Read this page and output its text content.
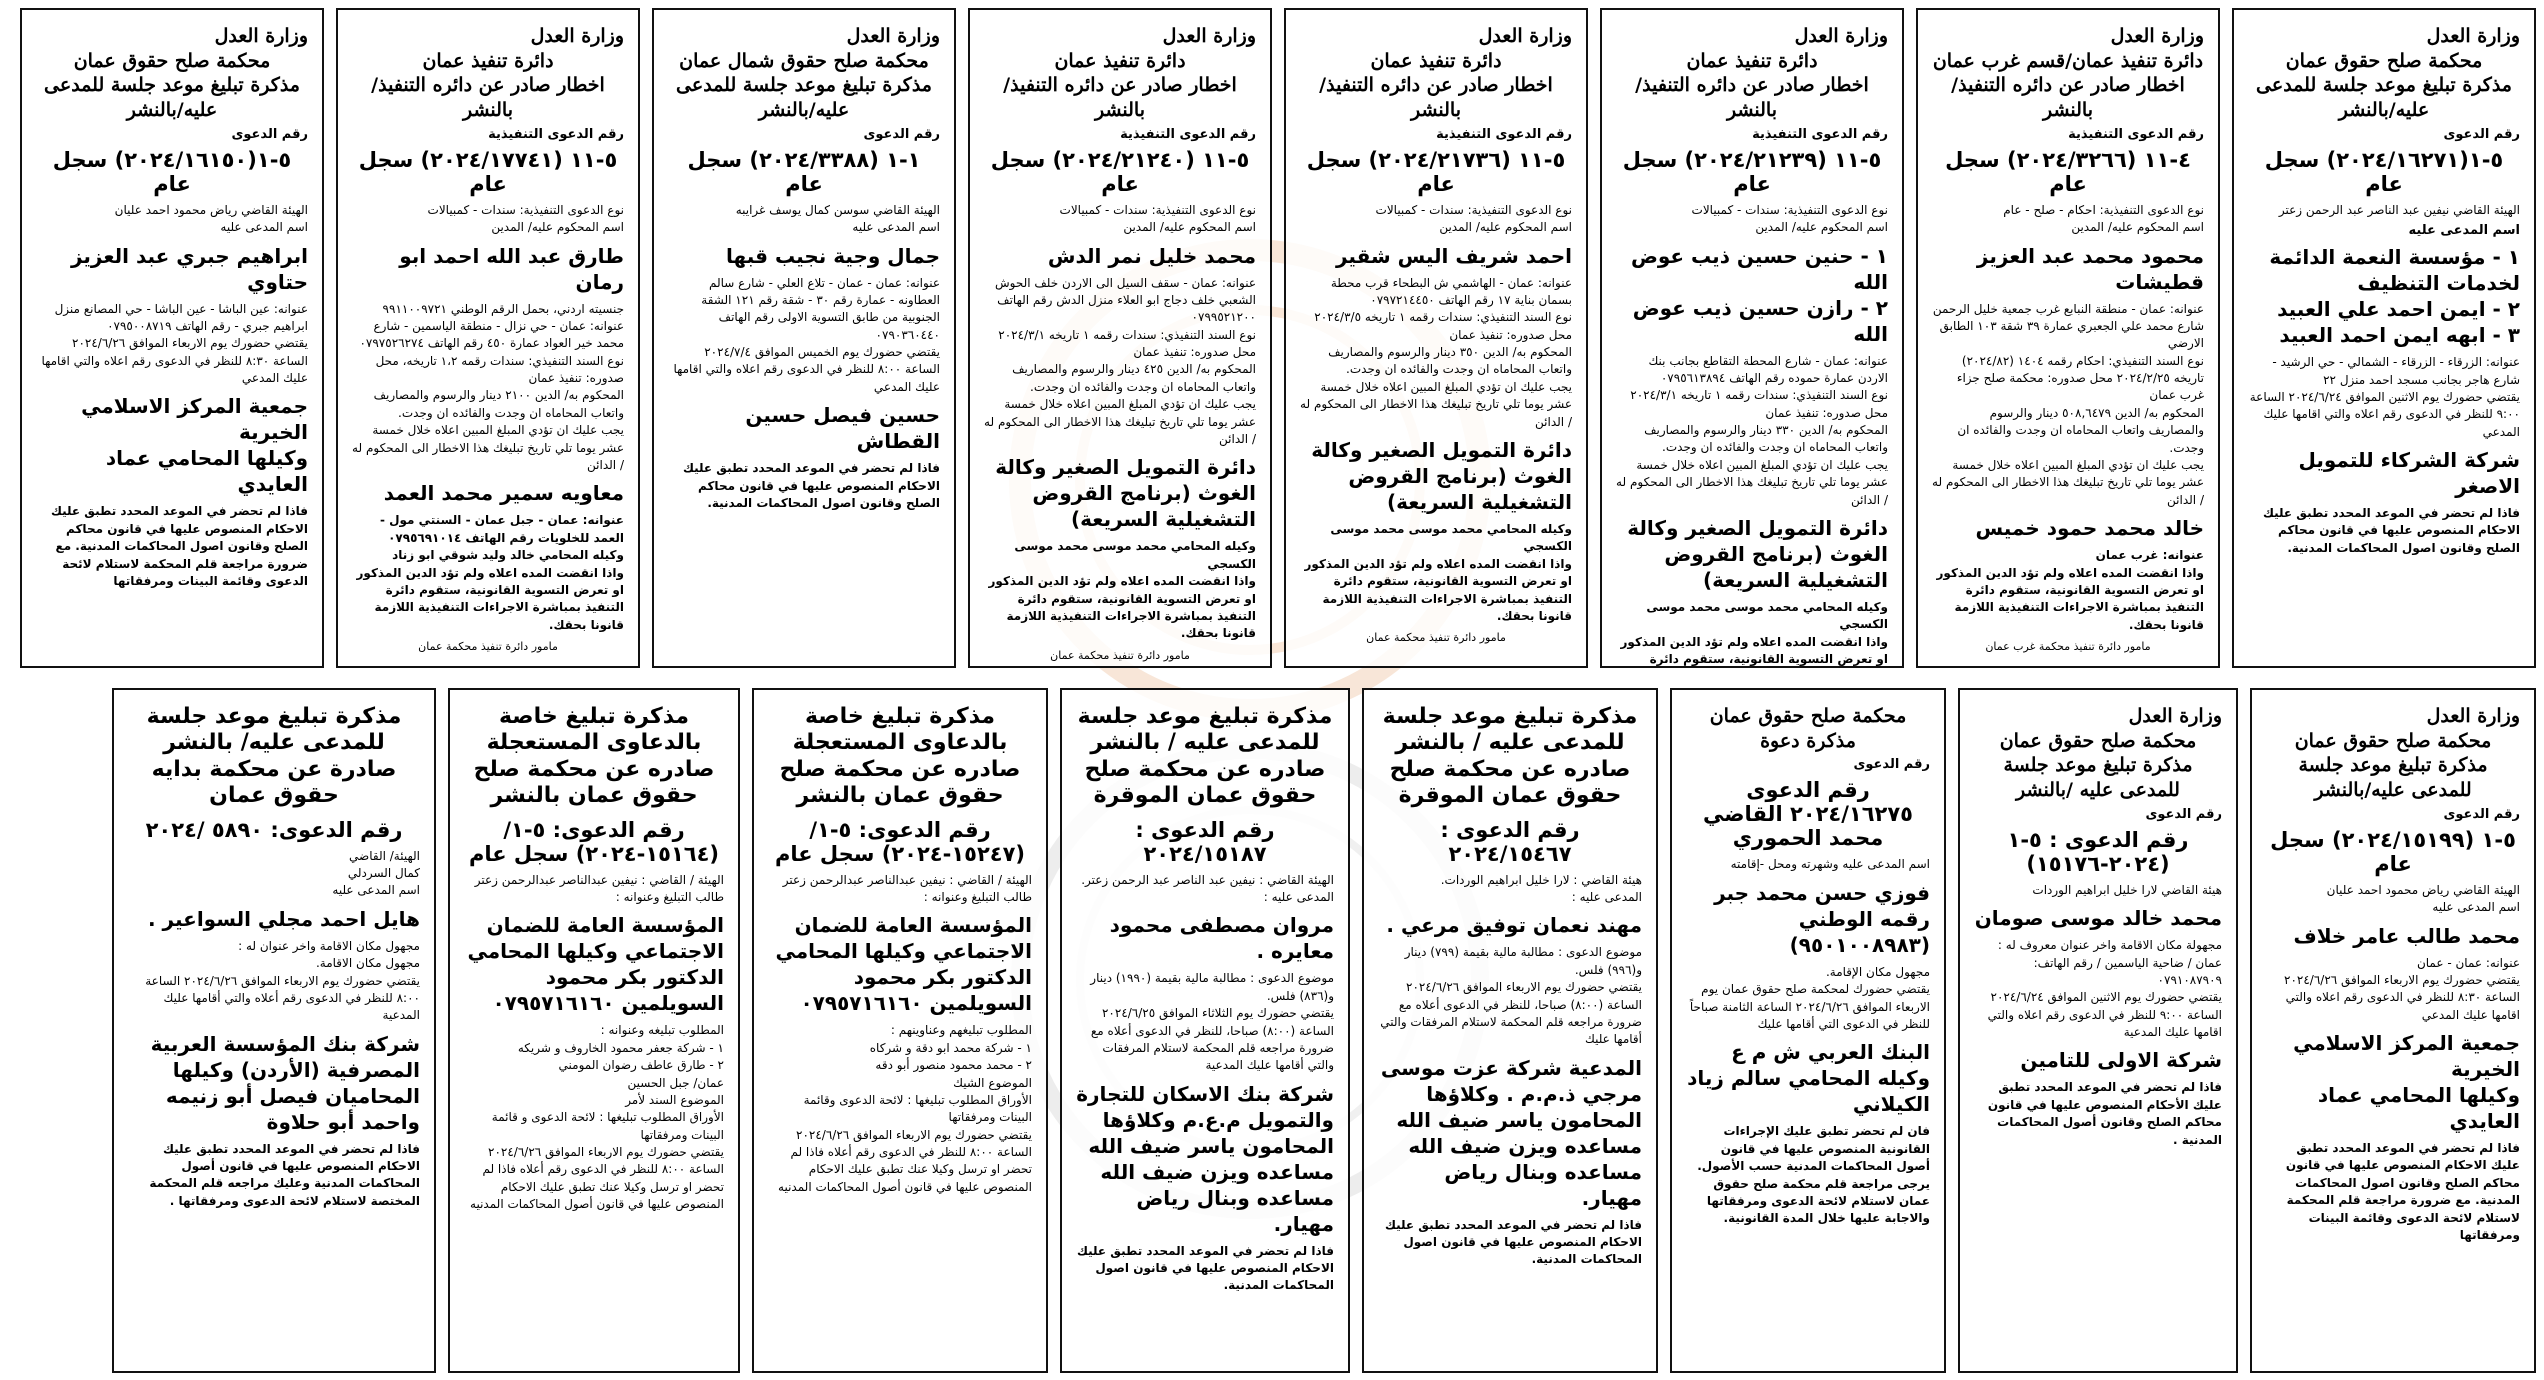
وزارة العدل
محكمة صلح حقوق عمان
مذكرة تبليغ موعد جلسة للمدعى عليه/بالنشر
رقم الدعوى
٥-١(٢٠٢٤/١٦٢٧١) سجل عام
الهيئة القاضي نيفين عبد الناصر عبد الرحمن زعتر
اسم المدعى عليه
١ - مؤسسة النعمة الدائمة لخدمات التنظيف
٢ - ايمن احمد علي العبيد
٣ - ابهه ايمن احمد العبيد
عنوانه: الزرقاء - الزرقاء - الشمالي - حي الرشيد - شارع هاجر بجانب مسجد احمد منزل ٢٢
يقتضي حضورك يوم الاثنين الموافق ٢٠٢٤/٦/٢٤ الساعة ٩:٠٠ للنظر في الدعوى رقم اعلاه والتي اقامها عليك المدعي
شركة الشركاء للتمويل الاصغر
فاذا لم تحضر في الموعد المحدد تطبق عليك الاحكام المنصوص عليها في قانون محاكم الصلح وقانون اصول المحاكمات المدنية.
وزارة العدل
دائرة تنفيذ عمان/قسم غرب عمان
اخطار صادر عن دائره التنفيذ/ بالنشر
رقم الدعوى التنفيذية
٤-١١ (٢٠٢٤/٣٢٦٦) سجل عام
نوع الدعوى التنفيذية: احكام - صلح - عام
اسم المحكوم عليه/ المدين
محمود محمد عبد العزيز قطيشات
عنوانه: عمان - منطقة النبابع غرب جمعية خليل الرحمن شارع محمد علي الجعبري عمارة ٣٩ شقة ١٠٣ الطابق الارضي
نوع السند التنفيذي: احكام رقمه ١٤٠٤ (٢٠٢٤/٨٢) تاريخه ٢٠٢٤/٢/٢٥ محل صدوره: محكمة صلح جزاء غرب عمان
المحكوم به/ الدين ٥٠٨,٦٤٧٩ دينار والرسوم والمصاريف واتعاب المحاماه ان وجدت والفائده ان وجدت.
يجب عليك ان تؤدي المبلغ المبين اعلاه خلال خمسة عشر يوما تلي تاريخ تبليغك هذا الاخطار الى المحكوم له / الدائن
خالد محمد حمود خميس
عنوانه: غرب عمان
واذا انقضت المده اعلاه ولم تؤد الدين المذكور او تعرض التسوية القانونية، ستقوم دائرة التنفيذ بمباشرة الاجراءات التنفيذية اللازمة قانونا بحقك.
مامور دائرة تنفيذ محكمة غرب عمان
وزارة العدل
دائرة تنفيذ عمان
اخطار صادر عن دائره التنفيذ/ بالنشر
رقم الدعوى التنفيذية
٥-١١ (٢٠٢٤/٢١٢٣٩) سجل عام
نوع الدعوى التنفيذية: سندات - كمبيالات
اسم المحكوم عليه/ المدين
١ - حنين حسين ذيب عوض الله
٢ - رازن حسين ذيب عوض الله
عنوانه: عمان - شارع المحطة التقاطع بجانب بنك الاردن عمارة حموده رقم الهاتف ٠٧٩٥٦١٣٨٩٤
نوع السند التنفيذي: سندات رقمه ١ تاريخه ٢٠٢٤/٣/١ محل صدوره: تنفيذ عمان
المحكوم به/ الدين ٣٣٠ دينار والرسوم والمصاريف واتعاب المحاماه ان وجدت والفائده ان وجدت.
يجب عليك ان تؤدي المبلغ المبين اعلاه خلال خمسة عشر يوما تلي تاريخ تبليغك هذا الاخطار الى المحكوم له / الدائن
دائرة التمويل الصغير وكالة الغوث (برنامج القروض التشغيلية السريعة)
وكيله المحامي محمد موسى محمد موسى الكسجي
واذا انقضت المده اعلاه ولم تؤد الدين المذكور او تعرض التسوية القانونية، ستقوم دائرة
وزارة العدل
دائرة تنفيذ عمان
اخطار صادر عن دائره التنفيذ/ بالنشر
رقم الدعوى التنفيذية
٥-١١ (٢٠٢٤/٢١٧٣٦) سجل عام
نوع الدعوى التنفيذية: سندات - كمبيالات
اسم المحكوم عليه/ المدين
احمد شريف اليس شقير
عنوانه: عمان - الهاشمي ش البطحاء قرب محطة بسمان بناية ١٧ رقم الهاتف ٠٧٩٧٢١٤٤٥٠
نوع السند التنفيذي: سندات رقمه ١ تاريخه ٢٠٢٤/٣/٥ محل صدوره: تنفيذ عمان
المحكوم به/ الدين ٣٥٠ دينار والرسوم والمصاريف واتعاب المحاماه ان وجدت والفائده ان وجدت.
يجب عليك ان تؤدي المبلغ المبين اعلاه خلال خمسة عشر يوما تلي تاريخ تبليغك هذا الاخطار الى المحكوم له / الدائن
دائرة التمويل الصغير وكالة الغوث (برنامج القروض التشغيلية السريعة)
وكيله المحامي محمد موسى محمد موسى الكسجي
واذا انقضت المده اعلاه ولم تؤد الدين المذكور او تعرض التسوية القانونية، ستقوم دائرة التنفيذ بمباشرة الاجراءات التنفيذية اللازمة قانونا بحقك.
مامور دائرة تنفيذ محكمة عمان
وزارة العدل
دائرة تنفيذ عمان
اخطار صادر عن دائره التنفيذ/ بالنشر
رقم الدعوى التنفيذية
٥-١١ (٢٠٢٤/٢١٢٤٠) سجل عام
نوع الدعوى التنفيذية: سندات - كمبيالات
اسم المحكوم عليه/ المدين
محمد خليل نمر الدش
عنوانه: عمان - سقف السيل الى الاردن خلف الحوش الشعبي خلف دجاج ابو العلاء منزل الدش رقم الهاتف ٠٧٩٩٥٢١٢٠٠
نوع السند التنفيذي: سندات رقمه ١ تاريخه ٢٠٢٤/٣/١ محل صدوره: تنفيذ عمان
المحكوم به/ الدين ٤٢٥ دينار والرسوم والمصاريف واتعاب المحاماه ان وجدت والفائده ان وجدت.
يجب عليك ان تؤدي المبلغ المبين اعلاه خلال خمسة عشر يوما تلي تاريخ تبليغك هذا الاخطار الى المحكوم له / الدائن
دائرة التمويل الصغير وكالة الغوث (برنامج القروض التشغيلية السريعة)
وكيله المحامي محمد موسى محمد موسى الكسجي
واذا انقضت المده اعلاه ولم تؤد الدين المذكور او تعرض التسوية القانونية، ستقوم دائرة التنفيذ بمباشرة الاجراءات التنفيذية اللازمة قانونا بحقك.
مامور دائرة تنفيذ محكمة عمان
وزارة العدل
محكمة صلح حقوق شمال عمان
مذكرة تبليغ موعد جلسة للمدعى عليه/بالنشر
رقم الدعوى
١-١ (٢٠٢٤/٣٣٨٨) سجل عام
الهيئة القاضي سوسن كمال يوسف غرايبه
اسم المدعى عليه
جمال وجية نجيب قبها
عنوانه: عمان - عمان - تلاع العلي - شارع سالم العطاونه - عمارة رقم ٣٠ - شقة رقم ١٢١ الشقة الجنوبية من طابق التسوية الاولى رقم الهاتف ٠٧٩٠٣٦٠٤٤٠
يقتضي حضورك يوم الخميس الموافق ٢٠٢٤/٧/٤ الساعة ٨:٠٠ للنظر في الدعوى رقم اعلاه والتي اقامها عليك المدعي
حسين فيصل حسين القطاش
فاذا لم تحضر في الموعد المحدد تطبق عليك الاحكام المنصوص عليها في قانون محاكم الصلح وقانون اصول المحاكمات المدنية.
وزارة العدل
دائرة تنفيذ عمان
اخطار صادر عن دائره التنفيذ/ بالنشر
رقم الدعوى التنفيذية
٥-١١ (٢٠٢٤/١٧٧٤١) سجل عام
نوع الدعوى التنفيذية: سندات - كمبيالات
اسم المحكوم عليه/ المدين
طارق عبد الله احمد ابو رمان
جنسيته اردني، بحمل الرقم الوطني ٩٩١١٠٠٩٧٢١
عنوانه: عمان - حي نزال - منطقة الياسمين - شارع محمد خير العواد عمارة ٤٥٠ رقم الهاتف ٠٧٩٧٥٢٦٢٧٤
نوع السند التنفيذي: سندات رقمه ١،٢ تاريخه، محل صدوره: تنفيذ عمان
المحكوم به/ الدين ٢١٠٠ دينار والرسوم والمصاريف واتعاب المحاماه ان وجدت والفائده ان وجدت.
يجب عليك ان تؤدي المبلغ المبين اعلاه خلال خمسة عشر يوما تلي تاريخ تبليغك هذا الاخطار الى المحكوم له / الدائن
معاويه سمير محمد العمد
عنوانه: عمان - جبل عمان - السنتي مول - العمد للخلويات رقم الهاتف ٠٧٩٥٦٩١٠١٤
وكيله المحامي خالد وليد شوقي ابو زناد
واذا انقضت المده اعلاه ولم تؤد الدين المذكور او تعرض التسوية القانونية، ستقوم دائرة التنفيذ بمباشرة الاجراءات التنفيذية اللازمة قانونا بحقك.
مامور دائرة تنفيذ محكمة عمان
وزارة العدل
محكمة صلح حقوق عمان
مذكرة تبليغ موعد جلسة للمدعى عليه/بالنشر
رقم الدعوى
٥-١(٢٠٢٤/١٦١٥٠) سجل عام
الهيئة القاضي رياض محمود احمد عليان
اسم المدعى عليه
ابراهيم جبري عبد العزيز حتاوي
عنوانه: عين الباشا - عين الباشا - حي المصانع منزل ابراهيم جبري - رقم الهاتف ٠٧٩٥٠٠٨٧١٩
يقتضي حضورك يوم الاربعاء الموافق ٢٠٢٤/٦/٢٦ الساعة ٨:٣٠ للنظر في الدعوى رقم اعلاه والتي اقامها عليك المدعي
جمعية المركز الاسلامي الخيرية
وكيلها المحامي عماد العايدي
فاذا لم تحضر في الموعد المحدد تطبق عليك الاحكام المنصوص عليها في قانون محاكم الصلح وقانون اصول المحاكمات المدنية. مع ضرورة مراجعة قلم المحكمة لاستلام لائحة الدعوى وقائمة البينات ومرفقاتها
وزارة العدل
محكمة صلح حقوق عمان
مذكرة تبليغ موعد جلسة للمدعى عليه/بالنشر
رقم الدعوى
٥-١ (٢٠٢٤/١٥١٩٩) سجل عام
الهيئة القاضي رياض محمود احمد عليان
اسم المدعى عليه
محمد طالب عامر خلاف
عنوانه: عمان - عمان
يقتضي حضورك يوم الاربعاء الموافق ٢٠٢٤/٦/٢٦ الساعة ٨:٣٠ للنظر في الدعوى رقم اعلاه والتي اقامها عليك المدعي
جمعية المركز الاسلامي الخيرية
وكيلها المحامي عماد العايدي
فاذا لم تحضر في الموعد المحدد تطبق عليك الاحكام المنصوص عليها في قانون محاكم الصلح وقانون اصول المحاكمات المدنية. مع ضرورة مراجعة قلم المحكمة لاستلام لائحة الدعوى وقائمة البينات ومرفقاتها
وزارة العدل
محكمة صلح حقوق عمان
مذكرة تبليغ موعد جلسة للمدعى عليه /بالنشر
رقم الدعوى
رقم الدعوى : ٥-١ (٢٠٢٤-١٥١٧٦)
هيئة القاضي لارا خليل ابراهيم الوردات
محمد خالد موسى صومان
مجهولة مكان الاقامة واخر عنوان معروف له : عمان / ضاحية الياسمين / رقم الهاتف: ٠٧٩١٠٨٧٩٠٩
يقتضي حضورك يوم الاثنين الموافق ٢٠٢٤/٦/٢٤ الساعة ٩:٠٠ للنظر في الدعوى رقم اعلاه والتي اقامها عليك المدعية
شركة الاولى للتامين
فاذا لم تحضر في الموعد المحدد تطبق عليك الأحكام المنصوص عليها في قانون محاكم الصلح وقانون أصول المحاكمات المدنية .
محكمة صلح حقوق عمان
مذكرة دعوة
رقم الدعوى
رقم الدعوى ٢٠٢٤/١٦٢٧٥ القاضي محمد الحموري
اسم المدعى عليه وشهرته ومحل -إقامته
فوزي حسن محمد جبر رقمه الوطني (٩٥٠١٠٠٨٩٨٣)
مجهول مكان الإقامة.
يقتضي حضورك لمحكمة صلح حقوق عمان يوم الاربعاء الموافق ٢٠٢٤/٦/٢٦ الساعة الثامنة صباحاً للنظر في الدعوى التي أقامها عليك
البنك العربي ش م ع
وكيله المحامي سالم زياد الكيلاني
فان لم تحضر تطبق عليك الإجراءات القانونية المنصوص عليها في قانون أصول المحاكمات المدنية حسب الأصول. يرجى مراجعة قلم محكمة صلح حقوق عمان لاستلام لائحة الدعوى ومرفقاتها والاجابة عليها خلال المدة القانونية.
مذكرة تبليغ موعد جلسة للمدعى عليه / بالنشر صادره عن محكمة صلح حقوق عمان الموقرة
رقم الدعوى : ٢٠٢٤/١٥٤٦٧
هيئة القاضي : لارا خليل ابراهيم الوردات.
المدعى عليه :
مهند نعمان توفيق مرعي .
موضوع الدعوى : مطالبة مالية بقيمة (٧٩٩) دينار و(٩٩٦) فلس.
يقتضي حضورك يوم الاربعاء الموافق ٢٠٢٤/٦/٢٦ الساعة (٨:٠٠) صباحا، للنظر في الدعوى أعلاه مع ضرورة مراجعه قلم المحكمة لاستلام المرفقات والتي أقامها عليك
المدعية شركة عزت موسى مرجي ذ.م.م . وكلاؤها المحامون ياسر ضيف الله مساعده ويزن ضيف الله مساعده وبنال رياض مهيار.
فاذا لم تحضر في الموعد المحدد تطبق عليك الاحكام المنصوص عليها في قانون اصول المحاكمات المدنية.
مذكرة تبليغ موعد جلسة للمدعى عليه / بالنشر صادره عن محكمة صلح حقوق عمان الموقرة
رقم الدعوى : ٢٠٢٤/١٥١٨٧
الهيئة القاضي : نيفين عبد الناصر عبد الرحمن زعتر.
المدعى عليه :
مروان مصطفى محمود معايره .
موضوع الدعوى : مطالبة مالية بقيمة (١٩٩٠) دينار و(٨٣٦) فلس.
يقتضي حضورك يوم الثلاثاء الموافق ٢٠٢٤/٦/٢٥ الساعة (٨:٠٠) صباحا، للنظر في الدعوى أعلاه مع ضرورة مراجعه قلم المحكمة لاستلام المرفقات والتي أقامها عليك المدعية
شركة بنك الاسكان للتجارة والتمويل م.ع.م وكلاؤها المحامون ياسر ضيف الله مساعده ويزن ضيف الله مساعده وبنال رياض مهيار.
فاذا لم تحضر في الموعد المحدد تطبق عليك الاحكام المنصوص عليها في قانون اصول المحاكمات المدنية.
مذكرة تبليغ خاصة بالدعاوى المستعجلة صادره عن محكمة صلح حقوق عمان بالنشر
رقم الدعوى: ٥-١/ (١٥٢٤٧-٢٠٢٤) سجل عام
الهيئة / القاضي : نيفين عبدالناصر عبدالرحمن زعتر
طالب التبليغ وعنوانه :
المؤسسة العامة للضمان الاجتماعي وكيلها المحامي الدكتور بكر محمود السويلمين ٠٧٩٥٧١٦١٦٠
المطلوب تبليغهم وعناوينهم :
١ - شركة محمد ابو دقة و شركاه
٢ - محمد محمود منصور أبو دقه
الموضوع الشيك
الأوراق المطلوب تبليغها : لائحة الدعوى وقائمة البينات ومرفقاتها
يقتضي حضورك يوم الاربعاء الموافق ٢٠٢٤/٦/٢٦ الساعة ٨:٠٠ للنظر في الدعوى رقم أعلاه فاذا لم تحضر او ترسل وكيلا عنك تطبق عليك الاحكام المنصوص عليها في قانون أصول المحاكمات المدنيه
مذكرة تبليغ خاصة بالدعاوى المستعجلة صادره عن محكمة صلح حقوق عمان بالنشر
رقم الدعوى: ٥-١/ (١٥١٦٤-٢٠٢٤) سجل عام
الهيئة / القاضي : نيفين عبدالناصر عبدالرحمن زعتر
طالب التبليغ وعنوانه :
المؤسسة العامة للضمان الاجتماعي وكيلها المحامي الدكتور بكر محمود السويلمين ٠٧٩٥٧١٦١٦٠
المطلوب تبليغه وعنوانه :
١ - شركة جعفر محمود الخاروف و شريكه
٢ - طارق عاطف رضوان المومني
عمان/ جبل الحسين
الموضوع السند لأمر
الأوراق المطلوب تبليغها : لائحة الدعوى و قائمة البينات ومرفقاتها
يقتضي حضورك يوم الاربعاء الموافق ٢٠٢٤/٦/٢٦ الساعة ٨:٠٠ للنظر في الدعوى رقم أعلاه فاذا لم تحضر او ترسل وكيلا عنك تطبق عليك الاحكام المنصوص عليها في قانون أصول المحاكمات المدنيه
مذكرة تبليغ موعد جلسة للمدعى عليه/ بالنشر صادرة عن محكمة بدايه حقوق عمان
رقم الدعوى: ٥٨٩٠ /٢٠٢٤
الهيئة/ القاضي
كمال السردلي
اسم المدعى عليه
هايل احمد مجلي السواعير .
مجهول مكان الاقامة واخر عنوان له :
مجهول مكان الاقامة.
يقتضي حضورك يوم الاربعاء الموافق ٢٠٢٤/٦/٢٦ الساعة ٨:٠٠ للنظر في الدعوى رقم أعلاه والتي أقامها عليك المدعية
شركة بنك المؤسسة العربية المصرفية (الأردن) وكيلها المحاميان فيصل أبو زنيمه واحمد أبو حلاوة
فاذا لم تحضر في الموعد المحدد تطبق عليك الاحكام المنصوص عليها في قانون أصول المحاكمات المدنية وعليك مراجعه قلم المحكمة المختصة لاستلام لائحة الدعوى ومرفقاتها .
